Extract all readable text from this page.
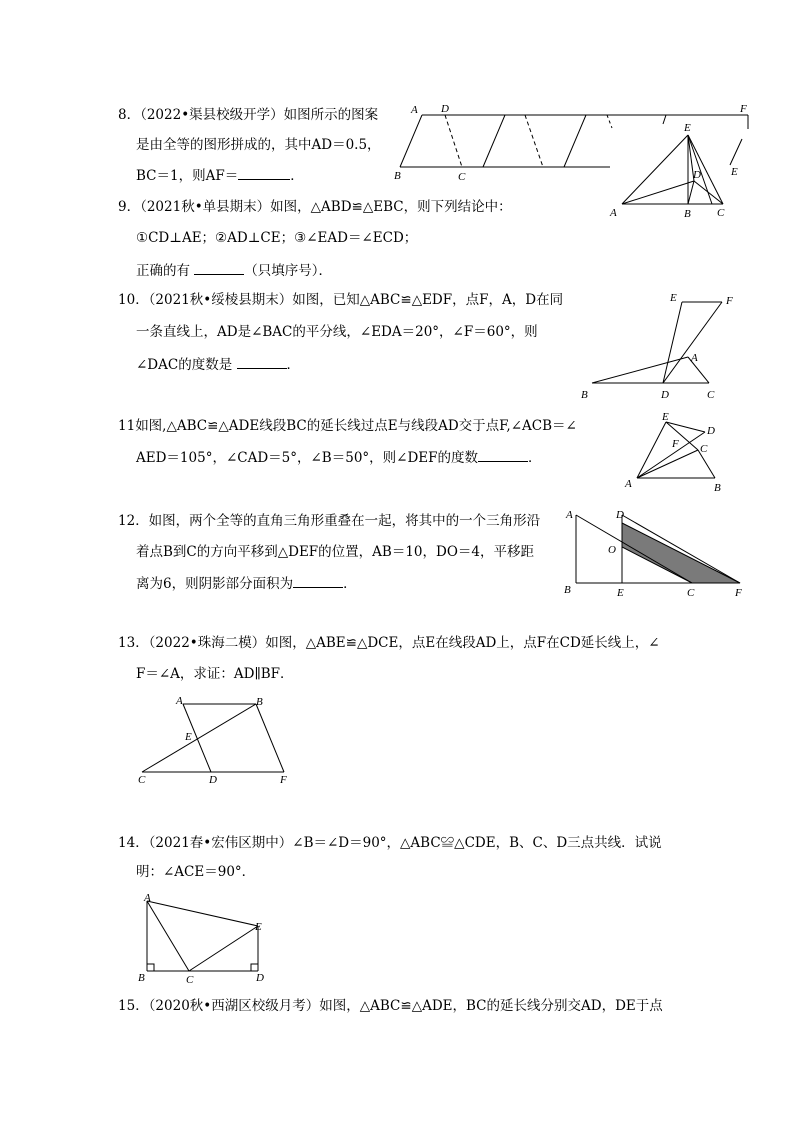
8．（2022•渠县校级开学）如图所示的图案
是由全等的图形拼成的，其中AD＝0.5，
BC＝1，则AF＝	．
A D	F
B	C	E
9．（2021秋•单县期末）如图，△ABD≌△EBC，则下列结论中：
①CD⊥AE；②AD⊥CE；③∠EAD＝∠ECD；
正确的有	（只填序号）．
E
D
A	B C
10．（2021秋•绥棱县期末）如图，已知△ABC≌△EDF，点F，A，D在同
一条直线上，AD是∠BAC的平分线，∠EDA＝20°，∠F＝60°，则
∠DAC的度数是	．
E	F
A
B	D	C
11如图,△ABC≌△ADE线段BC的延长线过点E与线段AD交于点F,∠ACB＝∠
AED＝105°，∠CAD＝5°，∠B＝50°，则∠DEF的度数	．
E
D
F C
A	B
12．如图，两个全等的直角三角形重叠在一起，将其中的一个三角形沿
着点B到C的方向平移到△DEF的位置，AB＝10，DO＝4，平移距
离为6，则阴影部分面积为	．
A	D
O
B	E	C	F
13．（2022•珠海二模）如图，△ABE≌△DCE，点E在线段AD上，点F在CD延长线上，∠
F＝∠A，求证：AD∥BF．
A	B
E
C	D	F
14．（2021春•宏伟区期中）∠B＝∠D＝90°，△ABC≌△CDE，B、C、D三点共线．试说
明：∠ACE＝90°．
A
E
B	C	D
15．（2020秋•西湖区校级月考）如图，△ABC≌△ADE，BC的延长线分别交AD，DE于点
